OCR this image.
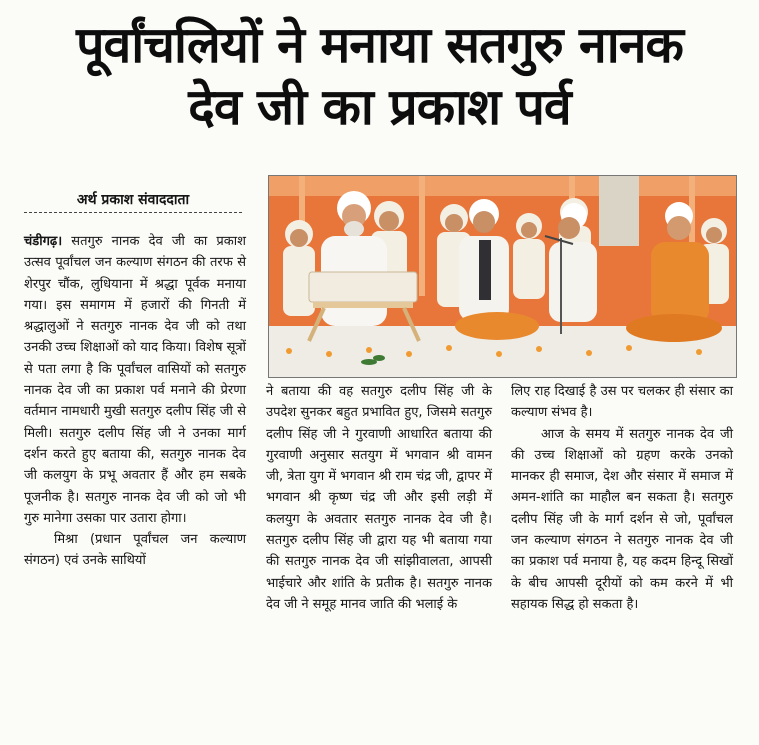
पूर्वांचलियों ने मनाया सतगुरु नानक
देव जी का प्रकाश पर्व
अर्थ प्रकाश संवाददाता

चंडीगढ़। सतगुरु नानक देव जी का प्रकाश उत्सव पूर्वांचल जन कल्याण संगठन की तरफ से शेरपुर चौंक, लुधियाना में श्रद्धा पूर्वक मनाया गया। इस समागम में हजारों की गिनती में श्रद्धालुओं ने सतगुरु नानक देव जी को तथा उनकी उच्च शिक्षाओं को याद किया। विशेष सूत्रों से पता लगा है कि पूर्वांचल वासियों को सतगुरु नानक देव जी का प्रकाश पर्व मनाने की प्रेरणा वर्तमान नामधारी मुखी सतगुरु दलीप सिंह जी से मिली। सतगुरु दलीप सिंह जी ने उनका मार्ग दर्शन करते हुए बताया की, सतगुरु नानक देव जी कलयुग के प्रभू अवतार हैं और हम सबके पूजनीक है। सतगुरु नानक देव जी को जो भी गुरु मानेगा उसका पार उतारा होगा।

मिश्रा (प्रधान पूर्वांचल जन कल्याण संगठन) एवं उनके साथियों

ने बताया की वह सतगुरु दलीप सिंह जी के उपदेश सुनकर बहुत प्रभावित हुए, जिसमे सतगुरु दलीप सिंह जी ने गुरवाणी आधारित बताया की गुरवाणी अनुसार सतयुग में भगवान श्री वामन जी, त्रेता युग में भगवान श्री राम चंद्र जी, द्वापर में भगवान श्री कृष्ण चंद्र जी और इसी लड़ी में कलयुग के अवतार सतगुरु नानक देव जी है। सतगुरु दलीप सिंह जी द्वारा यह भी बताया गया की सतगुरु नानक देव जी सांझीवालता, आपसी भाईचारे और शांति के प्रतीक है। सतगुरु नानक देव जी ने समूह मानव जाति की भलाई के

लिए राह दिखाई है उस पर चलकर ही संसार का कल्याण संभव है।

आज के समय में सतगुरु नानक देव जी की उच्च शिक्षाओं को ग्रहण करके उनको मानकर ही समाज, देश और संसार में समाज में अमन-शांति का माहौल बन सकता है। सतगुरु दलीप सिंह जी के मार्ग दर्शन से जो, पूर्वांचल जन कल्याण संगठन ने सतगुरु नानक देव जी का प्रकाश पर्व मनाया है, यह कदम हिन्दू सिखों के बीच आपसी दूरीयों को कम करने में भी सहायक सिद्ध हो सकता है।
